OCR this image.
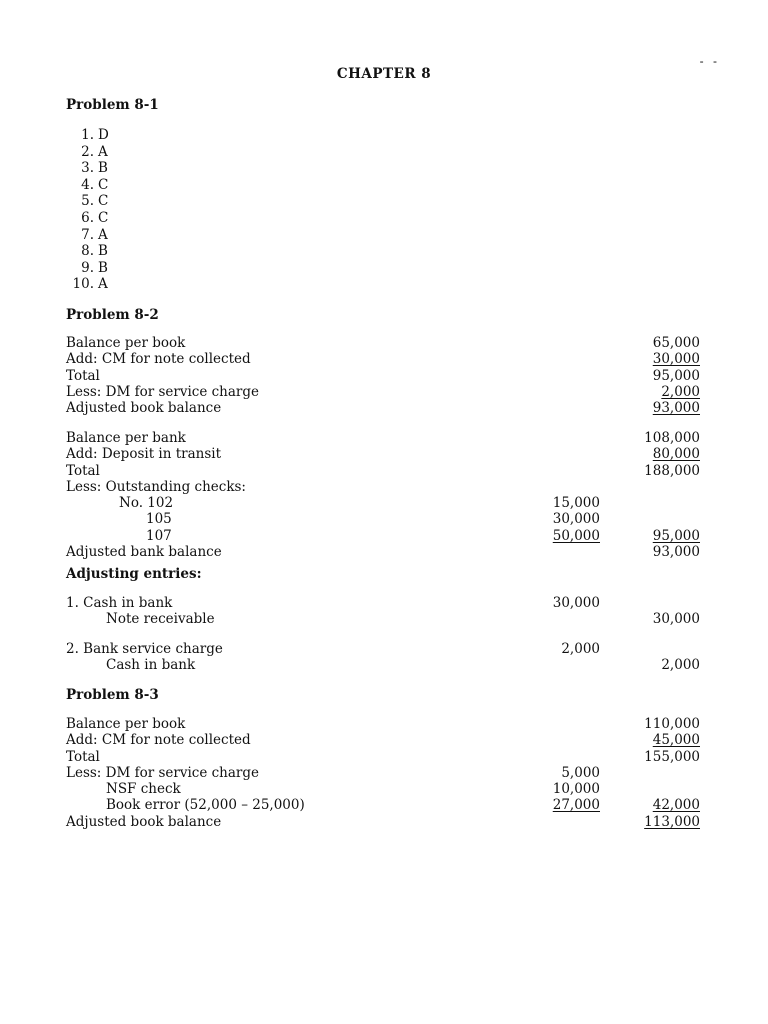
- -
CHAPTER 8
Problem 8-1
1. D
2. A
3. B
4. C
5. C
6. C
7. A
8. B
9. B
10. A
Problem 8-2
Balance per book	65,000
Add: CM for note collected	30,000
Total	95,000
Less: DM for service charge	2,000
Adjusted book balance	93,000
Balance per bank	108,000
Add: Deposit in transit	80,000
Total	188,000
Less: Outstanding checks:
No. 102	15,000
105	30,000
107	50,000	95,000
Adjusted bank balance	93,000
Adjusting entries:
1. Cash in bank	30,000
Note receivable	30,000
2. Bank service charge	2,000
Cash in bank	2,000
Problem 8-3
Balance per book	110,000
Add: CM for note collected	45,000
Total	155,000
Less: DM for service charge	5,000
NSF check	10,000
Book error (52,000 – 25,000)	27,000	42,000
Adjusted book balance	113,000
